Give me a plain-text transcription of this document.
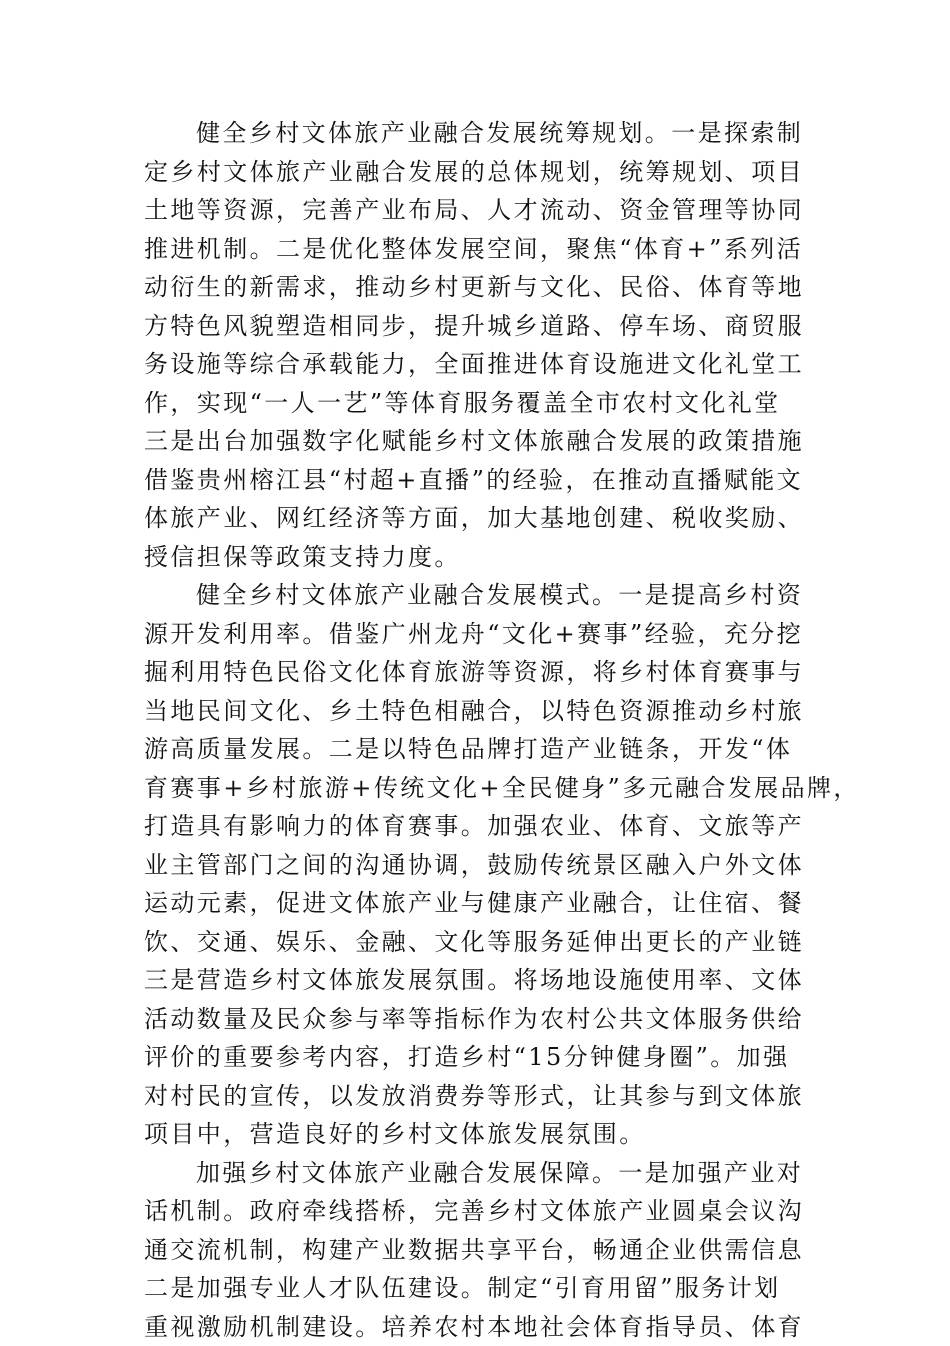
健全乡村文体旅产业融合发展统筹规划。一是探索制
定乡村文体旅产业融合发展的总体规划，统筹规划、项目
土地等资源，完善产业布局、人才流动、资金管理等协同
推进机制。二是优化整体发展空间，聚焦“体育+”系列活
动衍生的新需求，推动乡村更新与文化、民俗、体育等地
方特色风貌塑造相同步，提升城乡道路、停车场、商贸服
务设施等综合承载能力，全面推进体育设施进文化礼堂工
作，实现“一人一艺”等体育服务覆盖全市农村文化礼堂
三是出台加强数字化赋能乡村文体旅融合发展的政策措施
借鉴贵州榕江县“村超+直播”的经验，在推动直播赋能文
体旅产业、网红经济等方面，加大基地创建、税收奖励、
授信担保等政策支持力度。
健全乡村文体旅产业融合发展模式。一是提高乡村资
源开发利用率。借鉴广州龙舟“文化+赛事”经验，充分挖
掘利用特色民俗文化体育旅游等资源，将乡村体育赛事与
当地民间文化、乡土特色相融合，以特色资源推动乡村旅
游高质量发展。二是以特色品牌打造产业链条，开发“体
育赛事+乡村旅游+传统文化+全民健身”多元融合发展品牌，
打造具有影响力的体育赛事。加强农业、体育、文旅等产
业主管部门之间的沟通协调，鼓励传统景区融入户外文体
运动元素，促进文体旅产业与健康产业融合，让住宿、餐
饮、交通、娱乐、金融、文化等服务延伸出更长的产业链
三是营造乡村文体旅发展氛围。将场地设施使用率、文体
活动数量及民众参与率等指标作为农村公共文体服务供给
评价的重要参考内容，打造乡村“15分钟健身圈”。加强
对村民的宣传，以发放消费券等形式，让其参与到文体旅
项目中，营造良好的乡村文体旅发展氛围。
加强乡村文体旅产业融合发展保障。一是加强产业对
话机制。政府牵线搭桥，完善乡村文体旅产业圆桌会议沟
通交流机制，构建产业数据共享平台，畅通企业供需信息
二是加强专业人才队伍建设。制定“引育用留”服务计划
重视激励机制建设。培养农村本地社会体育指导员、体育
